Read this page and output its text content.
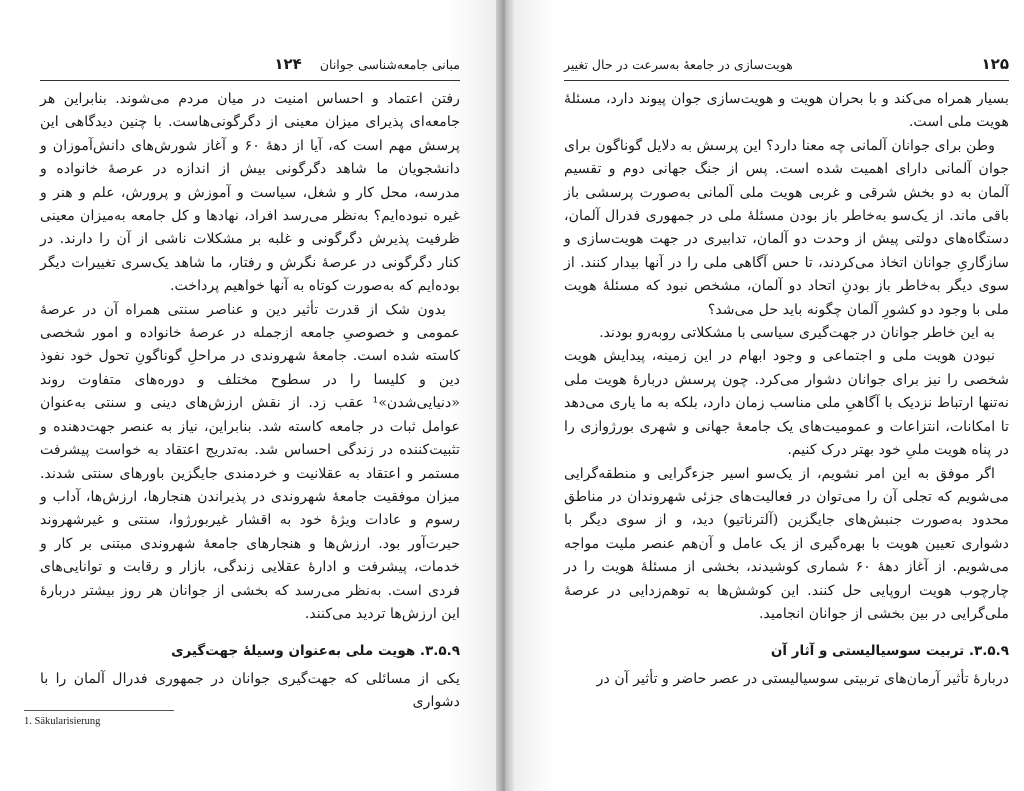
۱۲۴ مبانی جامعه‌شناسی جوانان

رفتن اعتماد و احساس امنیت در میان مردم می‌شوند. بنابراین هر جامعه‌ای پذیرای میزان معینی از دگرگونی‌هاست. با چنین دیدگاهی این پرسش مهم است که، آیا از دههٔ ۶۰ و آغاز شورش‌های دانش‌آموزان و دانشجویان ما شاهد دگرگونی بیش از اندازه در عرصهٔ خانواده و مدرسه، محل کار و شغل، سیاست و آموزش و پرورش، علم و هنر و غیره نبوده‌ایم؟ به‌نظر می‌رسد افراد، نهادها و کل جامعه به‌میزان معینی ظرفیت پذیرش دگرگونی و غلبه بر مشکلات ناشی از آن را دارند. در کنار دگرگونی در عرصهٔ نگرش و رفتار، ما شاهد یک‌سری تغییرات دیگر بوده‌ایم که به‌صورت کوتاه به آنها خواهیم پرداخت.

بدون شک از قدرت تأثیر دین و عناصر سنتی همراه آن در عرصهٔ عمومی و خصوصیِ جامعه ازجمله در عرصهٔ خانواده و امور شخصی کاسته شده است. جامعهٔ شهروندی در مراحلِ گوناگونِ تحول خود نفوذ دین و کلیسا را در سطوح مختلف و دوره‌های متفاوت روند «دنیایی‌شدن»¹ عقب زد. از نقش ارزش‌های دینی و سنتی به‌عنوان عوامل ثبات در جامعه کاسته شد. بنابراین، نیاز به عنصر جهت‌دهنده و تثبیت‌کننده در زندگی احساس شد. به‌تدریج اعتقاد به خواست پیشرفت مستمر و اعتقاد به عقلانیت و خردمندی جایگزین باورهای سنتی شدند. میزان موفقیت جامعهٔ شهروندی در پذیراندن هنجارها، ارزش‌ها، آداب و رسوم و عادات ویژهٔ خود به اقشار غیربورژوا، سنتی و غیرشهروند حیرت‌آور بود. ارزش‌ها و هنجارهای جامعهٔ شهروندی مبتنی بر کار و خدمات، پیشرفت و ادارهٔ عقلایی زندگی، بازار و رقابت و توانایی‌های فردی است. به‌نظر می‌رسد که بخشی از جوانان هر روز بیشتر دربارهٔ این ارزش‌ها تردید می‌کنند.

۳.۵.۹. هویت ملی به‌عنوان وسیلهٔ جهت‌گیری

یکی از مسائلی که جهت‌گیری جوانان در جمهوری فدرال آلمان را با دشواری

1. Säkularisierung
۱۲۵
هویت‌سازی در جامعهٔ به‌سرعت در حال تغییر

بسیار همراه می‌کند و با بحران هویت و هویت‌سازی جوان پیوند دارد، مسئلهٔ هویت ملی است.

وطن برای جوانان آلمانی چه معنا دارد؟ این پرسش به دلایل گوناگون برای جوان آلمانی دارای اهمیت شده است. پس از جنگ جهانی دوم و تقسیم آلمان به دو بخش شرقی و غربی هویت ملی آلمانی به‌صورت پرسشی باز باقی ماند. از یک‌سو به‌خاطر باز بودن مسئلهٔ ملی در جمهوری فدرال آلمان، دستگاه‌های دولتی پیش از وحدت دو آلمان، تدابیری در جهت هویت‌سازی و سازگاریِ جوانان اتخاذ می‌کردند، تا حس آگاهی ملی را در آنها بیدار کنند. از سوی دیگر به‌خاطر باز بودنِ اتحاد دو آلمان، مشخص نبود که مسئلهٔ هویت ملی با وجود دو کشورِ آلمان چگونه باید حل می‌شد؟

به این خاطر جوانان در جهت‌گیری سیاسی با مشکلاتی روبه‌رو بودند.

نبودن هویت ملی و اجتماعی و وجود ابهام در این زمینه، پیدایش هویت شخصی را نیز برای جوانان دشوار می‌کرد. چون پرسش دربارهٔ هویت ملی نه‌تنها ارتباط نزدیک با آگاهیِ ملی مناسب زمان دارد، بلکه به ما یاری می‌دهد تا امکانات، انتزاعات و عمومیت‌های یک جامعهٔ جهانی و شهری بورژوازی را در پناه هویت ملیِ خود بهتر درک کنیم.

اگر موفق به این امر نشویم، از یک‌سو اسیر جزءگرایی و منطقه‌گرایی می‌شویم که تجلی آن را می‌توان در فعالیت‌های جزئی شهروندان در مناطق محدود به‌صورت جنبش‌های جایگزین (آلترناتیو) دید، و از سوی دیگر با دشواری تعیین هویت با بهره‌گیری از یک عامل و آن‌هم عنصر ملیت مواجه می‌شویم. از آغاز دههٔ ۶۰ شماری کوشیدند، بخشی از مسئلهٔ هویت را در چارچوب هویت اروپایی حل کنند. این کوشش‌ها به توهم‌زدایی در عرصهٔ ملی‌گرایی در بین بخشی از جوانان انجامید.

۳.۵.۹. تربیت سوسیالیستی و آثار آن

دربارهٔ تأثیر آرمان‌های تربیتی سوسیالیستی در عصر حاضر و تأثیر آن در
